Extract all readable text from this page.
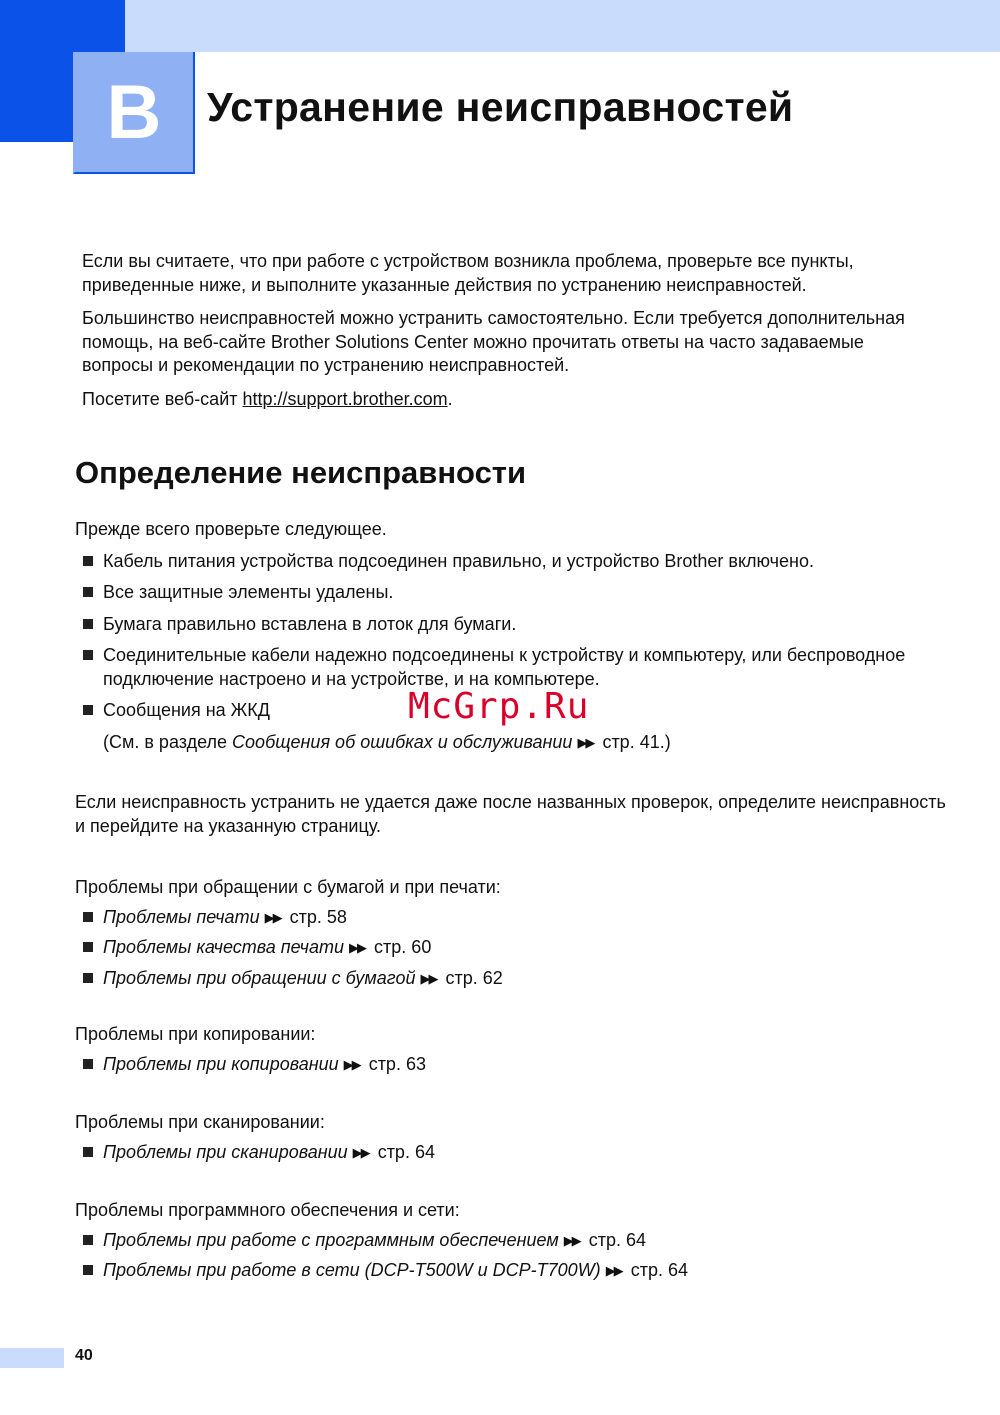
B	Устранение неисправностей

Если вы считаете, что при работе с устройством возникла проблема, проверьте все пункты, приведенные ниже, и выполните указанные действия по устранению неисправностей.

Большинство неисправностей можно устранить самостоятельно. Если требуется дополнительная помощь, на веб-сайте Brother Solutions Center можно прочитать ответы на часто задаваемые вопросы и рекомендации по устранению неисправностей.

Посетите веб-сайт http://support.brother.com.

Определение неисправности

Прежде всего проверьте следующее.

Кабель питания устройства подсоединен правильно, и устройство Brother включено.
Все защитные элементы удалены.
Бумага правильно вставлена в лоток для бумаги.
Соединительные кабели надежно подсоединены к устройству и компьютеру, или беспроводное подключение настроено и на устройстве, и на компьютере.
Сообщения на ЖКД
(См. в разделе Сообщения об ошибках и обслуживании ▶▶ стр. 41.)

Если неисправность устранить не удается даже после названных проверок, определите неисправность и перейдите на указанную страницу.

Проблемы при обращении с бумагой и при печати:

Проблемы печати ▶▶ стр. 58
Проблемы качества печати ▶▶ стр. 60
Проблемы при обращении с бумагой ▶▶ стр. 62

Проблемы при копировании:

Проблемы при копировании ▶▶ стр. 63

Проблемы при сканировании:

Проблемы при сканировании ▶▶ стр. 64

Проблемы программного обеспечения и сети:

Проблемы при работе с программным обеспечением ▶▶ стр. 64
Проблемы при работе в сети (DCP-T500W и DCP-T700W) ▶▶ стр. 64
McGrp.Ru
40
